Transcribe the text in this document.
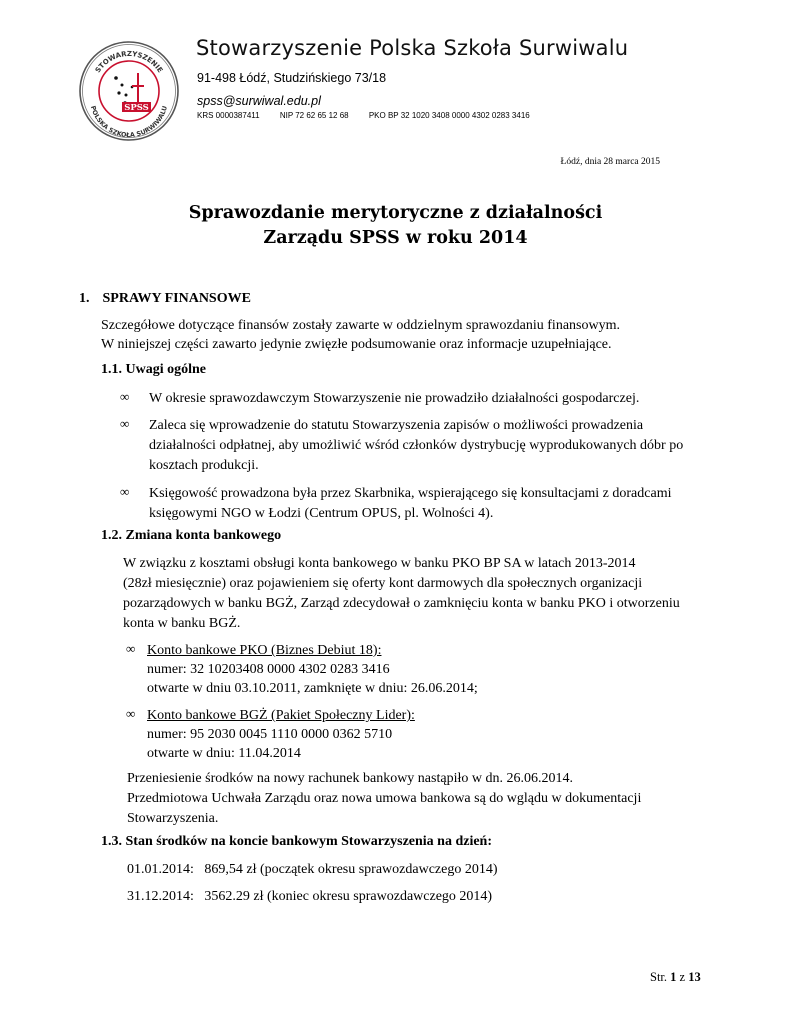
STOWARZYSZENIE
POLSKA SZKOŁA SURWIWALU
SPSS
Stowarzyszenie Polska Szkoła Surwiwalu
91-498 Łódź, Studzińskiego 73/18
spss@surwiwal.edu.pl
KRS 0000387411	NIP 72 62 65 12 68	PKO BP 32 1020 3408 0000 4302 0283 3416
Łódź, dnia 28 marca 2015
Sprawozdanie merytoryczne z działalności
Zarządu SPSS w roku 2014
1. SPRAWY FINANSOWE
Szczegółowe dotyczące finansów zostały zawarte w oddzielnym sprawozdaniu finansowym.
W niniejszej części zawarto jedynie zwięzłe podsumowanie oraz informacje uzupełniające.
1.1. Uwagi ogólne
∞	W okresie sprawozdawczym Stowarzyszenie nie prowadziło działalności gospodarczej.
∞	Zaleca się wprowadzenie do statutu Stowarzyszenia zapisów o możliwości prowadzenia
działalności odpłatnej, aby umożliwić wśród członków dystrybucję wyprodukowanych dóbr po
kosztach produkcji.
∞	Księgowość prowadzona była przez Skarbnika, wspierającego się konsultacjami z doradcami
księgowymi NGO w Łodzi (Centrum OPUS, pl. Wolności 4).
1.2. Zmiana konta bankowego
W związku z kosztami obsługi konta bankowego w banku PKO BP SA w latach 2013-2014
(28zł miesięcznie) oraz pojawieniem się oferty kont darmowych dla społecznych organizacji
pozarządowych w banku BGŻ, Zarząd zdecydował o zamknięciu konta w banku PKO i otworzeniu
konta w banku BGŻ.
∞ Konto bankowe PKO (Biznes Debiut 18):
numer: 32 10203408 0000 4302 0283 3416
otwarte w dniu 03.10.2011, zamknięte w dniu: 26.06.2014;
∞ Konto bankowe BGŻ (Pakiet Społeczny Lider):
numer: 95 2030 0045 1110 0000 0362 5710
otwarte w dniu: 11.04.2014
Przeniesienie środków na nowy rachunek bankowy nastąpiło w dn. 26.06.2014.
Przedmiotowa Uchwała Zarządu oraz nowa umowa bankowa są do wglądu w dokumentacji
Stowarzyszenia.
1.3. Stan środków na koncie bankowym Stowarzyszenia na dzień:
01.01.2014:   869,54 zł (początek okresu sprawozdawczego 2014)
31.12.2014:   3562.29 zł (koniec okresu sprawozdawczego 2014)
Str. 1 z 13
